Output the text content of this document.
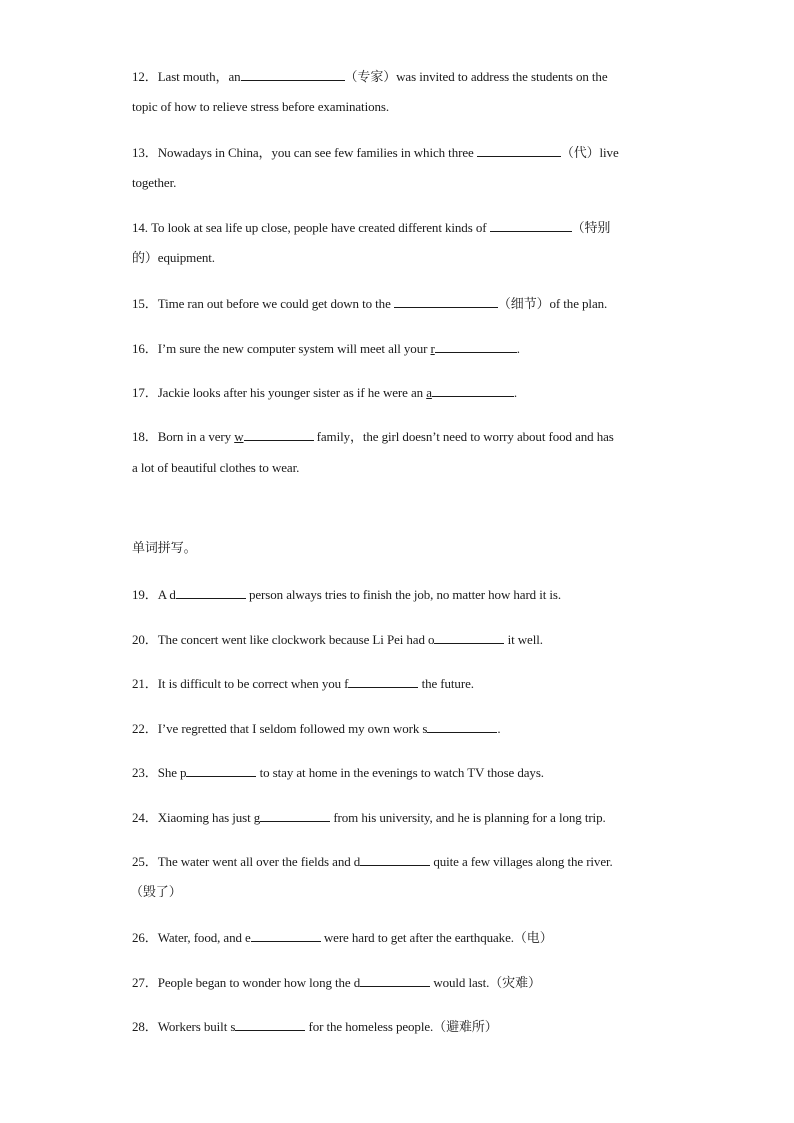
12．Last mouth，an	（专家）was invited to address the students on the
topic of how to relieve stress before examinations.
13．Nowadays in China，you can see few families in which three	（代）live
together.
14. To look at sea life up close, people have created different kinds of	（特别
的）equipment.
15．Time ran out before we could get down to the	（细节）of the plan.
16．I’m sure the new computer system will meet all your r	.
17．Jackie looks after his younger sister as if he were an a	.
18．Born in a very w	family，the girl doesn’t need to worry about food and has
a lot of beautiful clothes to wear.
单词拼写。
19．A d	person always tries to finish the job, no matter how hard it is.
20．The concert went like clockwork because Li Pei had o	it well.
21．It is difficult to be correct when you f	the future.
22．I’ve regretted that I seldom followed my own work s	.
23．She p	to stay at home in the evenings to watch TV those days.
24．Xiaoming has just g	from his university, and he is planning for a long trip.
25．The water went all over the fields and d	quite a few villages along the river.
（毁了）
26．Water, food, and e	were hard to get after the earthquake.（电）
27．People began to wonder how long the d	would last.（灾难）
28．Workers built s	for the homeless people.（避难所）
